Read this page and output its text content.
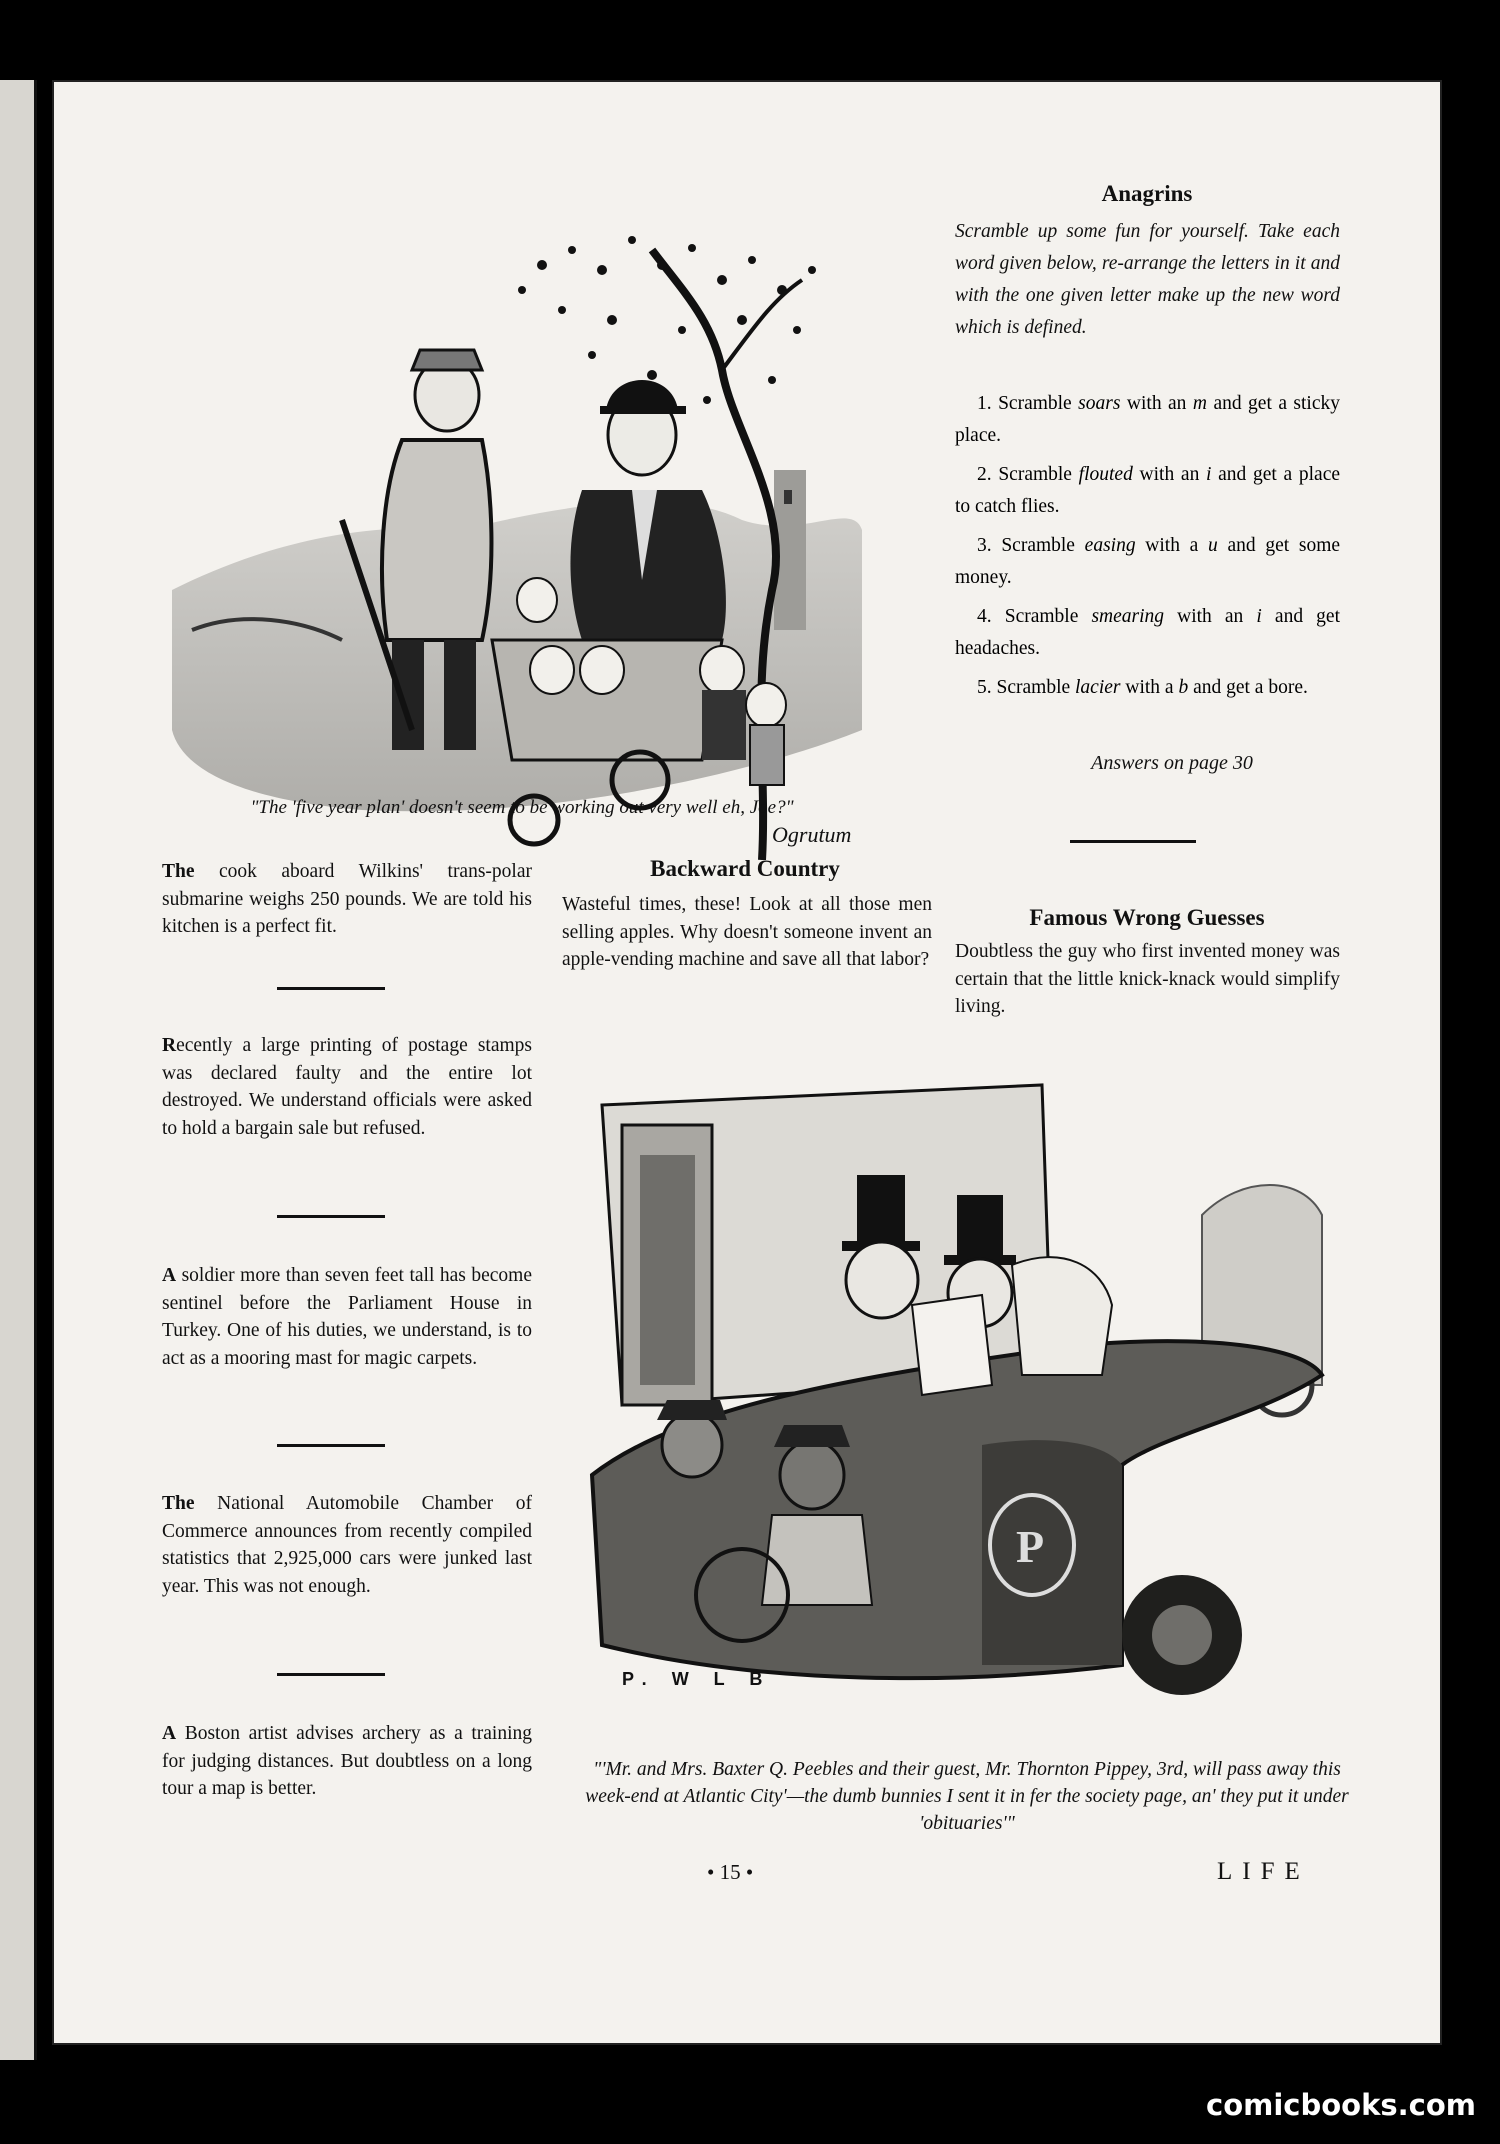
Ogrutum
"The 'five year plan' doesn't seem to be working out very well eh, Joe?"
Anagrins

Scramble up some fun for yourself. Take each word given below, re-arrange the letters in it and with the one given letter make up the new word which is defined.

1. Scramble soars with an m and get a sticky place.
2. Scramble flouted with an i and get a place to catch flies.
3. Scramble easing with a u and get some money.
4. Scramble smearing with an i and get headaches.
5. Scramble lacier with a b and get a bore.
Answers on page 30
Famous Wrong Guesses

Doubtless the guy who first invented money was certain that the little knick-knack would simplify living.

Backward Country

Wasteful times, these! Look at all those men selling apples. Why doesn't someone invent an apple-vending machine and save all that labor?

The cook aboard Wilkins' trans-polar submarine weighs 250 pounds. We are told his kitchen is a perfect fit.

Recently a large printing of postage stamps was declared faulty and the entire lot destroyed. We understand officials were asked to hold a bargain sale but refused.

A soldier more than seven feet tall has become sentinel before the Parliament House in Turkey. One of his duties, we understand, is to act as a mooring mast for magic carpets.

The National Automobile Chamber of Commerce announces from recently compiled statistics that 2,925,000 cars were junked last year. This was not enough.

A Boston artist advises archery as a training for judging distances. But doubtless on a long tour a map is better.

P
P. W L B
"'Mr. and Mrs. Baxter Q. Peebles and their guest, Mr. Thornton Pippey, 3rd, will pass away this week-end at Atlantic City'—the dumb bunnies I sent it in fer the society page, an' they put it under 'obituaries'"
• 15 •	LIFE
comicbooks.com
